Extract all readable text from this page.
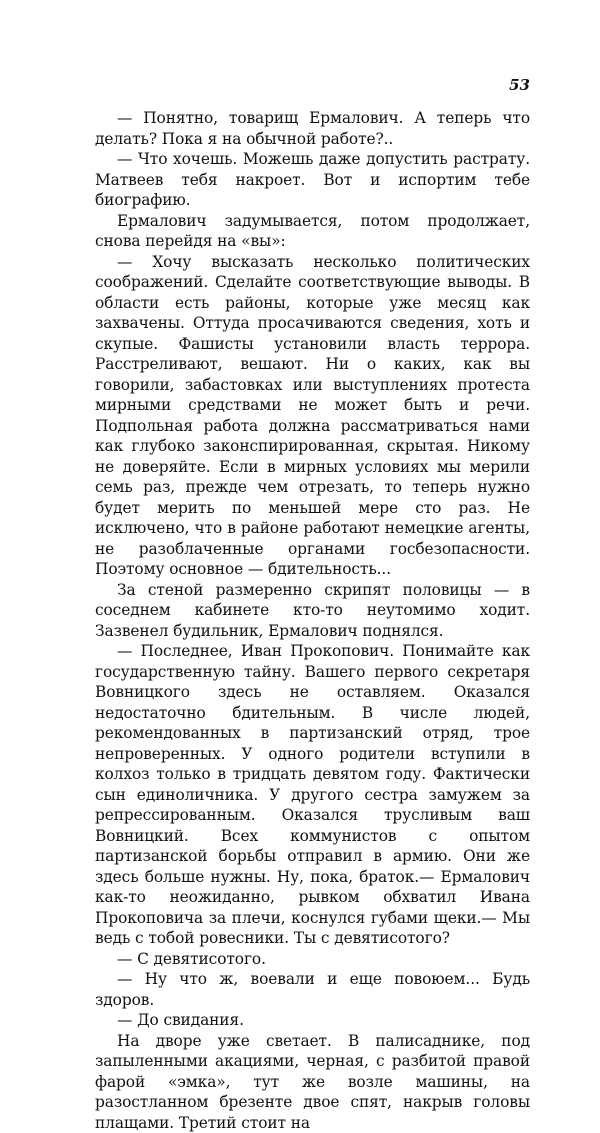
53

— Понятно, товарищ Ермалович. А теперь что делать? Пока я на обычной работе?..

— Что хочешь. Можешь даже допустить растрату. Матвеев тебя накроет. Вот и испортим тебе биографию.

Ермалович задумывается, потом продолжает, снова перейдя на «вы»:

— Хочу высказать несколько политических соображений. Сделайте соответствующие выводы. В области есть районы, которые уже месяц как захвачены. Оттуда просачиваются сведения, хоть и скупые. Фашисты установили власть террора. Расстреливают, вешают. Ни о каких, как вы говорили, забастовках или выступлениях протеста мирными средствами не может быть и речи. Подпольная работа должна рассматриваться нами как глубоко законспирированная, скрытая. Никому не доверяйте. Если в мирных условиях мы мерили семь раз, прежде чем отрезать, то теперь нужно будет мерить по меньшей мере сто раз. Не исключено, что в районе работают немецкие агенты, не разоблаченные органами госбезопасности. Поэтому основное — бдительность...

За стеной размеренно скрипят половицы — в соседнем кабинете кто-то неутомимо ходит. Зазвенел будильник, Ермалович поднялся.

— Последнее, Иван Прокопович. Понимайте как государственную тайну. Вашего первого секретаря Вовницкого здесь не оставляем. Оказался недостаточно бдительным. В числе людей, рекомендованных в партизанский отряд, трое непроверенных. У одного родители вступили в колхоз только в тридцать девятом году. Фактически сын единоличника. У другого сестра замужем за репрессированным. Оказался трусливым ваш Вовницкий. Всех коммунистов с опытом партизанской борьбы отправил в армию. Они же здесь больше нужны. Ну, пока, браток.— Ермалович как-то неожиданно, рывком обхватил Ивана Прокоповича за плечи, коснулся губами щеки.— Мы ведь с тобой ровесники. Ты с девятисотого?

— С девятисотого.

— Ну что ж, воевали и еще повоюем... Будь здоров.

— До свидания.

На дворе уже светает. В палисаднике, под запыленными акациями, черная, с разбитой правой фарой «эмка», тут же возле машины, на разостланном брезенте двое спят, накрыв головы плащами. Третий стоит на
